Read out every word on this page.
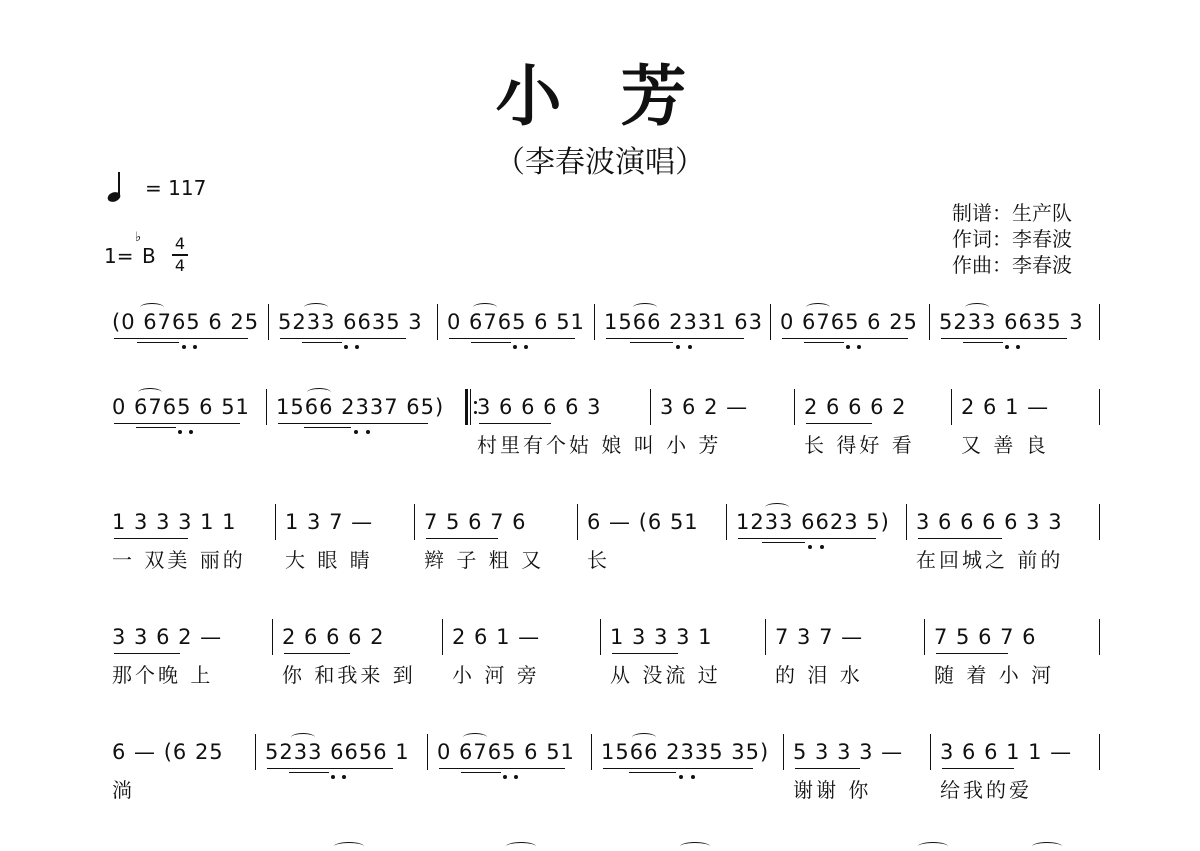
小 芳
（李春波演唱）
= 117
1=
♭
B
4
4
制谱：生产队
作词：李春波
作曲：李春波
(0 6765 6 25 5233 6635 3 0 6765 6 51 1566 2331 63 0 6765 6 25 5233 6635 3
0 6765 6 51 1566 2337 65) 3 6 6 6 6 3
村里有个姑 娘 叫 小 芳
3 6 2 —	2 6 6 6 2
长 得好 看
2 6 1 —
又 善 良
1 3 3 3 1 1
一 双美 丽的
1 3 7 —
大 眼 睛
7 5 6 7 6
辫 子 粗 又
6 — (6 51
长
1233 6623 5) 3 6 6 6 6 3 3
在回城之 前的
3 3 6 2 —
那个晚 上
2 6 6 6 2
你 和我来 到
2 6 1 —
小 河 旁
1 3 3 3 1
从 没流 过
7 3 7 —
的 泪 水
7 5 6 7 6
随 着 小 河
6 — (6 25
淌
5233 6656 1 0 6765 6 51 1566 2335 35) 5 3 3 3 —
谢谢 你
3 6 6 1 1 —
给我的爱
